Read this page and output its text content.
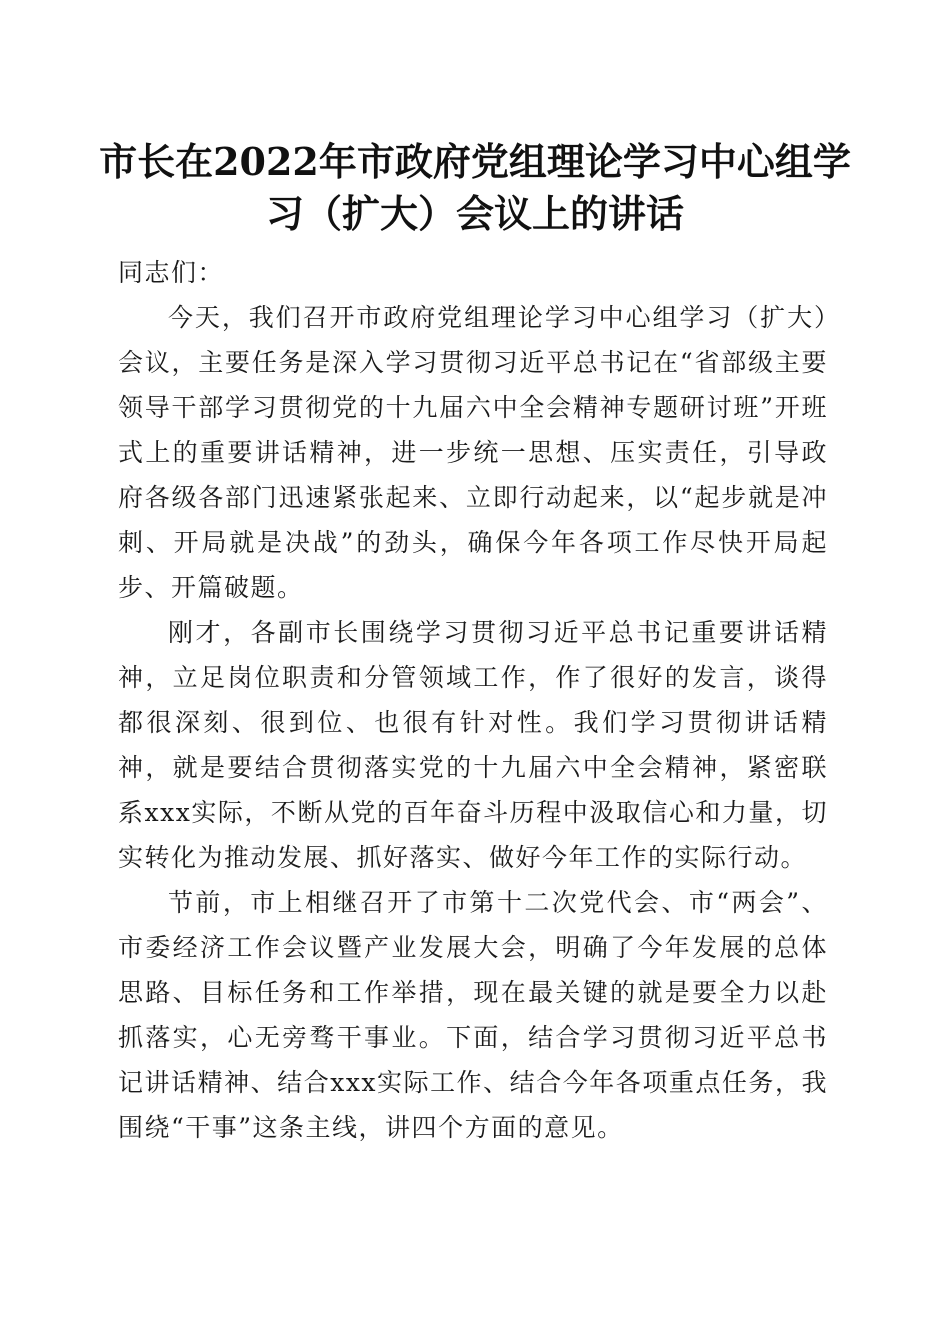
市长在2022年市政府党组理论学习中心组学
习（扩大）会议上的讲话

同志们：

今天，我们召开市政府党组理论学习中心组学习（扩大）会议，主要任务是深入学习贯彻习近平总书记在“省部级主要领导干部学习贯彻党的十九届六中全会精神专题研讨班”开班式上的重要讲话精神，进一步统一思想、压实责任，引导政府各级各部门迅速紧张起来、立即行动起来，以“起步就是冲刺、开局就是决战”的劲头，确保今年各项工作尽快开局起步、开篇破题。

刚才，各副市长围绕学习贯彻习近平总书记重要讲话精神，立足岗位职责和分管领域工作，作了很好的发言，谈得都很深刻、很到位、也很有针对性。我们学习贯彻讲话精神，就是要结合贯彻落实党的十九届六中全会精神，紧密联系xxx实际，不断从党的百年奋斗历程中汲取信心和力量，切实转化为推动发展、抓好落实、做好今年工作的实际行动。

节前，市上相继召开了市第十二次党代会、市“两会”、市委经济工作会议暨产业发展大会，明确了今年发展的总体思路、目标任务和工作举措，现在最关键的就是要全力以赴抓落实，心无旁骛干事业。下面，结合学习贯彻习近平总书记讲话精神、结合xxx实际工作、结合今年各项重点任务，我围绕“干事”这条主线，讲四个方面的意见。
